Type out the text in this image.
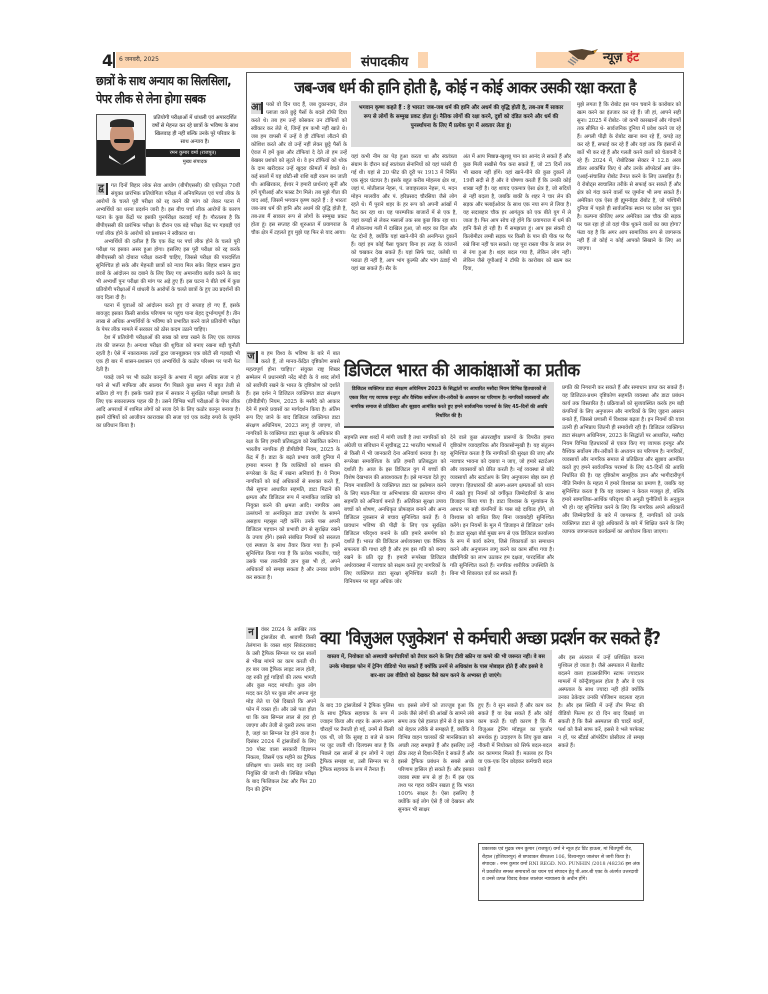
4 6 जनवरी, 2025	संपादकीय	न्यूज़ हंट
छात्रों के साथ अन्याय का सिलसिला, पेपर लीक से लेना होगा सबक
प्रतियोगी परीक्षाओं में धांधली एवं अपारदर्शित वर्षों से मेहनत कर रहे छात्रों के भविष्य के साथ खिलवाड़ ही नहीं बल्कि उनके पूरे परिवार के साथ अन्याय है।
रमन कुमार वर्मा (राजपूत)
मुख्य संपादक
द्व	गत दिनों बिहार लोक सेवा आयोग (बीपीएससी) की एकीकृत 70वीं संयुक्त प्रारंभिक प्रतियोगिता परीक्षा में अनियमितता एवं पर्चा लीक के आरोपों के चलते पूरी परीक्षा को रद्द करने की मांग को लेकर पटना में अभ्यर्थियों का धरना प्रदर्शन जारी है। इस बीच पर्चा लीक आरोपों के कारण पटना के कुछ केंद्रों पर इसकी पुनर्परीक्षा करवाई गई है। गौरतलब है कि बीपीएससी की प्रारंभिक परीक्षा के दौरान एक बड़े परीक्षा केंद्र पर गड़बड़ी एवं पर्चा लीक होने के आरोपों को प्रशासन ने स्वीकारा था।

अभ्यर्थियों की दलील है कि एक केंद्र पर पर्चा लीक होने के चलते पूरी परीक्षा पर इसका असर हुआ होगा। इसलिए इस पूरी परीक्षा को रद्द करके बीपीएससी को दोबारा परीक्षा करानी चाहिए, जिससे परीक्षा की पारदर्शिता सुनिश्चित हो सके और मेहनती छात्रों को न्याय मिल सके। बिहार शासन द्वारा छात्रों के आंदोलन का दबाने के लिए किए गए अमानवीय बर्ताव करने के बाद भी अभ्यर्थी पुनः परीक्षा की मांग पर अड़े हुए हैं। इस घटना ने बीते वर्ष में कुछ प्रतियोगी परीक्षाओं में धांधली के आरोपों के चलते छात्रों के हुए उग्र प्रदर्शनों की याद दिला दी है।

पटना में युवाओं को आंदोलन करते हुए दो सप्ताह हो गए हैं, इसके बावजूद इसका किसी सार्थक परिणाम पर पहुंच पाना बेहद दुर्भाग्यपूर्ण है। तीन लाख से अधिक अभ्यर्थियों के भविष्य को प्रभावित करने वाले प्रतियोगी परीक्षा के पेपर लीक मामले में सरकार को ठोस कदम उठाने चाहिए।

देश में प्रतियोगी परीक्षाओं की साख को बचा रखने के लिए एक व्यापक तंत्र की जरूरत है। अन्यथा परीक्षा की शुचिता को बनाए रखना बड़ी चुनौती रहती है। ऐसे में नकारात्मक तत्वों द्वारा जानबूझकर एक छोटी सी गड़बड़ी भी एक ही बार में शासन-प्रशासन एवं अभ्यर्थियों के कठोर परिश्रम पर पानी फेर देती है।

पकड़े जाने पर भी कठोर कानूनों के अभाव में बहुत अधिक सजा न हो पाने से भर्ती माफिया और साल्वर गैंग पिछले कुछ समय में बहुत तेजी से सक्रिय हो गए हैं। इसके चलते हाल में सरकार ने सुरक्षित परीक्षा प्रणाली के लिए एक सकारात्मक पहल की है। उसने विभिन्न भर्ती परीक्षाओं के पेपर लीक आदि अपराधों में शामिल लोगों को सजा देने के लिए कठोर कानून बनाया है। इसमें दोषियों को आजीवन कारावास की सजा एवं एक करोड़ रुपये के जुर्माने का प्रविधान किया है।

जब-जब धर्म की हानि होती है, कोई न कोई आकर उसकी रक्षा करता है
आ पको वो दिन याद हैं, जब दुकानदार, टोल प्लाजा वाले छुट्टे पैसों के बदले टॉफी दिया करते थे। तब हम उन्हें कोसकर उन टॉफियों को स्वीकार कर लेते थे, जिन्हें हम कभी नहीं खाते थे। जब हम वापसी में उन्हें वे ही टॉफियां लौटाने की कोशिश करते और वो उन्हें नहीं लेकर छुट्टे पैसों के ऐवज में हमें कुछ और टॉफियां दे देते तो हम उन्हें बेखबर प्रशंको को लूटते थे। वे इन टॉफियों को थोक के दाम खरीदकर उन्हें खुदरा कीमतों में बेचते थे। कई सालों में यह छोटी-सी राशि बड़ी रकम बन जाती थी। आखिरकार, ईश्वर ने हमारी प्रार्थनाएं सुनीं और हमें यूपीआई और फास्ट टैग मिले। तब मुझे गीता की याद आई, जिसमें भगवान कृष्ण कहते हैं : हे भारत! जब-जब धर्म की हानि और अधर्म की वृद्धि होती है, तब-तब मैं साकार रूप से लोगों के सम्मुख प्रकट होता हूं। इस सप्ताह की शुरुआत में प्रयागराज के चौक क्षेत्र में टहलते हुए मुझे यह फिर से याद आया।
भगवान कृष्ण कहते हैं : हे भारत! जब-जब धर्म की हानि और अधर्म की वृद्धि होती है, तब-तब मैं साकार रूप से लोगों के सम्मुख प्रकट होता हूं। नैतिक लोगों की रक्षा करने, दुष्टों को दंडित करने और धर्म की पुनर्स्थापना के लिए मैं प्रत्येक युग में अवतार लेता हूं।
यहां कभी नीम का पेड़ हुआ करता था और स्वतंत्रता संग्राम के दौरान कई स्वतंत्रता सेनानियों को यहां फांसी दी गई थी। यहां से 20 फीट की दूरी पर 1913 में निर्मित एक सुंदर घंटाघर है। इसके बहुत करीब मोहल्ला क्षेत्र था, जहां पं. मोतीलाल नेहरू, पं. जवाहरलाल नेहरू, पं. मदन मोहन मालवीय और पं. हरिप्रसाद चौरसिया जैसे लोग रहते थे। मैं पुराने शहर के हर रूप को अपनी आंखों में कैद कर रहा था। यह पारम्परिक बाजारों में से एक है, जहां कपड़ों से लेकर मसालों तक सब कुछ बिक रहा था। मैं लोकनाथ गली में दाखिल हुआ, जो शहर का दिल और पेट दोनों है, क्योंकि यहां खाने-पीने की अनगिनत दुकानें हैं। यहां हम कोई पैसा चुकाए बिना हर तरह के व्यंजनों को चखकर देख सकते हैं। यहां सिर्फ चाट, जलेबी या पराठा ही नहीं है, आप भांग कुल्फी और भांग ठंडाई भी यहां खा सकते हैं। सैर के
अंत में आप मिष्ठान्न-खुशबू पान का आनंद ले सकते हैं और कुछ मिली सखीसे पैक करा सकते हैं, जो 25 दिनों तक भी खराब नहीं होंगे। यहां खाने-पीने की कुछ दुकानें तो 19वीं सदी से हैं और वे घोषणा करती हैं कि उनकी कोई शाखा नहीं है। यह शायद एकमात्र ऐसा क्षेत्र है, जो सदियों से नहीं बदला है, जबकि बाकी के शहर ने चार लेन की सड़क और फ्लाईओवर के साथ एक नया रूप ले लिया है। यह सदाबहार चौक हर आगंतुक को एक बीते युग में ले जाता है। फिर आप सोच रहे होंगे कि प्रयागराज में धर्म की हानि कैसे हो रही है। मैं समझाता हूं। आप इस संकरी दो किलोमीटर लम्बी सड़क पर किसी के पान की पीक पर पैर रखे बिना नहीं चल सकते। यह पूरा रास्ता पीक के लाल रंग से रंगा हुआ है। शहर बदल गया है, लेकिन लोग नहीं। लेकिन जैसे यूपीआई ने टॉफी के कारोबार को खत्म कर दिया,
मुझे लगता है कि रोबोट इस पान चबाने के कारोबार को खत्म करने का इंतजार कर रहे हैं। जी हां, आपने सही सुना। 2025 में रोबोट- जो कभी कारखानों और गोदामों तक सीमित थे- सार्वजनिक दुनिया में प्रवेश करने जा रहे हैं। अगली पीढ़ी के रोबोट खाना बना रहे हैं, कपड़े तह कर रहे हैं, सफाई कर रहे हैं और यहां तक कि इंसानों से बातें भी कर रहे हैं और गलती करने वालों को चेतावनी दे रहे हैं। 2024 में, रोबोटिक्स सेक्टर ने 12.8 अरब डॉलर आकर्षित किए थे और उनके ऑपरेटर्स अब जेन-एआई-संचालित रोबोट तैनात करने के लिए उत्साहित हैं। ये रोबोट्स स्वचालित तरीके से सफाई कर सकते हैं और क्षेत्र को गंदा करने वालों पर जुर्माना भी लगा सकते हैं। अमेरिका एक ऐसा ही ह्यूमनॉइड रोबोट है, जो पश्चिमी दुनिया में पहले ही सार्वजनिक स्थान पर प्रवेश कर चुका है। कल्पना कीजिए अगर अमेरिका उस चौक की सड़क पर चल रहा हो तो वहां पीक थूकने वालों का क्या होगा? फंडा यह है कि अगर आप सामाजिक रूप से जागरूक नहीं हैं तो कोई न कोई आपको सिखाने के लिए आ जाएगा।
ज	ब हम विश्व के भविष्य के बारे में बात करते हैं, तो मानव-केंद्रित दृष्टिकोण सबसे महत्वपूर्ण होना चाहिए।' संयुक्त राष्ट्र शिखर सम्मेलन में प्रधानमंत्री नरेंद्र मोदी के ये शब्द लोगों को सर्वोपरि रखने के भारत के दृष्टिकोण को दर्शाते हैं। इस दर्शन ने डिजिटल व्यक्तिगत डाटा संरक्षण (डीपीडीपी) नियम, 2025 के मसौदे को आकार देने में हमारे प्रयासों का मार्गदर्शन किया है। अंतिम रूप दिए जाने के बाद डिजिटल व्यक्तिगत डाटा संरक्षण अधिनियम, 2023 लागू हो जाएगा, जो नागरिकों के व्यक्तिगत डाटा सुरक्षा के अधिकार की रक्षा के लिए हमारी प्रतिबद्धता को रेखांकित करेगा। भारतीय नागरिक ही डीपीडीपी नियम, 2025 के केंद्र में हैं। डाटा के बढ़ते प्रभाव वाली दुनिया में हमारा मानना है कि व्यक्तियों को शासन की रूपरेखा के केंद्र में रखना अनिवार्य है। ये नियम नागरिकों को कई अधिकारों से सशक्त करते हैं, जैसे सूचना आधारित सहमति, डाटा मिटाने की क्षमता और डिजिटल रूप में नामांकित व्यक्ति को नियुक्त करने की क्षमता आदि। नागरिक अब उल्लंघनों या अनधिकृत डाटा उपयोग के सामने असहाय महसूस नहीं करेंगे। उनके पास अपनी डिजिटल पहचान को प्रभावी ढंग से सुरक्षित रखने के उपाय होंगे। इससे संबंधित नियमों को सरलता एवं स्पष्टता के साथ तैयार किया गया है। इनमें सुनिश्चित किया गया है कि प्रत्येक भारतीय, चाहे उसके पास तकनीकी ज्ञान कुछ भी हो, अपने अधिकारों को समझ सकता है और उनका प्रयोग कर सकता है।
डिजिटल भारत की आकांक्षाओं का प्रतीक
डिजिटल व्यक्तिगत डाटा संरक्षण अधिनियम 2023 के सिद्धांतों पर आधारित मसौदा नियम विभिन्न हितधारकों से एकत्र किए गए व्यापक इनपुट और वैश्विक सर्वोत्तम तौर-तरीकों के अध्ययन का परिणाम है। नागरिकों व्यवसायों और नागरिक समाज से प्रतिक्रिया और सुझाव आमंत्रित करते हुए हमने सार्वजनिक परामर्श के लिए 45-दिनों की अवधि निर्धारित की है।
सहमति स्पष्ट शब्दों में मांगी जाती है तथा नागरिकों को अंग्रेजी या संविधान में सूचीबद्ध 22 भारतीय भाषाओं में से किसी में भी जानकारी देना अनिवार्य बनाया है। यह रूपरेखा समावेशिता के प्रति हमारी प्रतिबद्धता को दर्शाती है। आज के इस डिजिटल युग में बच्चों की विशेष देखभाल की आवश्यकता है। इसे मान्यता देते हुए नियम नाबालिगों के व्यक्तिगत डाटा का इस्तेमाल करने के लिए माता-पिता या अभिभावक की सत्यापन योग्य सहमति को अनिवार्य बनाते हैं। अतिरिक्त सुरक्षा उपाय बच्चों को शोषण, अनधिकृत प्रोफाइल बनाने और अन्य डिजिटल नुकसान से बचाव सुनिश्चित करते हैं। ये प्रावधान भविष्य की पीढ़ी के लिए एक सुरक्षित डिजिटल परिदृश्य बनाने के प्रति हमारे समर्पण को दर्शाते हैं। भारत की डिजिटल अर्थव्यवस्था एक वैश्विक सफलता की गाथा रही है और हम इस गति को बनाए रखने के प्रति दृढ़ हैं। हमारी रूपरेखा डिजिटल अर्थव्यवस्था में नवाचार को सक्षम करते हुए नागरिकों के लिए व्यक्तिगत डाटा सुरक्षा सुनिश्चित करती है। विनियमन पर बहुत अधिक जोर
देने वाले कुछ अंतरराष्ट्रीय प्रारूपों के विपरीत हमारा दृष्टिकोण व्यावहारिक और विकासोन्मुखी है। यह संतुलन सुनिश्चित करता है कि नागरिकों की सुरक्षा की जाए और नवाचार भावना को दबाया न जाए, जो हमारे स्टार्टअप और व्यवसायों को प्रेरित करती है। नई व्यवस्था से छोटे व्यवसायों और स्टार्टअप के लिए अनुपालन बोझ कम हो जाएगा। हितधारकों की अलग-अलग क्षमताओं को ध्यान में रखते हुए नियमों को वर्गीकृत जिम्मेदारियों के साथ डिजाइन किया गया है। डाटा विश्वास के मूल्यांकन के आधार पर बड़ी कंपनियों के पास बड़े दायित्व होंगे, जो विश्वास को बाधित किए बिना जवाबदेही सुनिश्चित करेंगे। इन नियमों के मूल में 'डिजाइन से डिजिटल' दर्शन है। डाटा सुरक्षा बोर्ड मुख्य रूप से एक डिजिटल कार्यालय के रूप में कार्य करेगा, जिसे शिकायतों का समाधान करने और अनुपालन लागू करने का काम सौंपा गया है। प्रौद्योगिकी का लाभ उठाकर हम दक्षता, पारदर्शिता और गति सुनिश्चित करते हैं। नागरिक शारीरिक उपस्थिति के बिना भी शिकायत दर्ज कर सकते हैं।
प्रगति की निगरानी कर सकते हैं और समाधान प्राप्त कर सकते हैं। यह डिजिटल-प्रथम दृष्टिकोण सहमति व्यवस्था और डाटा प्रबंधन कार्य तक विस्तारित है। प्रक्रियाओं को सुव्यवस्थित करके हम बड़ी कंपनियों के लिए अनुपालन और नागरिकों के लिए जुड़ना आसान बनाते हैं, जिससे प्रणाली में विश्वास बढ़ता है। इन नियमों की यात्रा उतनी ही अभिप्राय जितनी ही समावेशी रही है। डिजिटल व्यक्तिगत डाटा संरक्षण अधिनियम, 2023 के सिद्धांतों पर आधारित, मसौदा नियम विभिन्न हितधारकों से एकत्र किए गए व्यापक इनपुट और वैश्विक सर्वोत्तम तौर-तरीकों के अध्ययन का परिणाम है। नागरिकों, व्यवसायों और नागरिक समाज से प्रतिक्रिया और सुझाव आमंत्रित करते हुए हमने सार्वजनिक परामर्श के लिए 45-दिनों की अवधि निर्धारित की है। यह दृष्टिकोण सामूहिक ज्ञान और भागीदारीपूर्ण नीति निर्माण के महत्व में हमारे विश्वास का प्रमाण है, जबकि यह सुनिश्चित करता है कि यह व्यवस्था न केवल मजबूत हो, बल्कि हमारे सामाजिक-आर्थिक परिदृश्य की अनूठी चुनौतियों के अनुकूल भी हो। यह सुनिश्चित करने के लिए कि नागरिक अपने अधिकारों और जिम्मेदारियों के बारे में जागरूक हैं, नागरिकों को उनके व्यक्तिगत डाटा से जुड़े अधिकारों के बारे में शिक्षित करने के लिए व्यापक जागरूकता कार्यक्रमों का आयोजन किया जाएगा।
न	वंबर 2024 के आखिर तक ट्रांसजेंडर बी. श्रावणी किसी तेलंगाना के व्यस्त शहर सिकंदराबाद के उसी ट्रैफिक सिग्नल पर दस सालों से भीख मांगने का काम करती थीं। हर बार जब ट्रैफिक लाइट लाल होती, वह रुकी हुई गाड़ियों की तरफ भागती और कुछ मदद मांगती। कुछ लोग मदद कर देते पर कुछ लोग अपना मुंह मोड़ लेते या ऐसे दिखाते कि अपने फोन में व्यस्त हों। और उसे पता होता था कि कब सिग्नल लाल से हरा हो जाएगा और तेजी से दूसरी तरफ जाना है, जहां का सिग्नल रेड होने वाला है। दिसंबर 2024 में ट्रांसजेंडरों के लिए 50 पोस्ट वाला सरकारी विज्ञापन निकला, जिसमें एक महीने का ट्रैफिक प्रशिक्षण था। उसके बाद वह उनकी नियुक्ति की जानी थी। लिखित परीक्षा के बाद फिजिकल टेस्ट और फिर 20 दिन की ट्रेनिंग
क्या 'विज़ुअल एजुकेशन' से कर्मचारी अच्छा प्रदर्शन कर सकते हैं?
वास्तव में, नियोक्ता को अस्थायी कर्मचारियों को तैयार करने के लिए टीवी स्क्रीन या कमरे की भी जरूरत नहीं। वे बस उनके मोबाइल फोन में ट्रेनिंग वीडियो भेज सकते हैं क्योंकि उनमें से अधिकांश के पास मोबाइल होते हैं और इससे वे बार-बार उस वीडियो को देखकर वैसे काम करने के अभ्यस्त हो जाएंगे।
के बाद 39 ट्रांसजेंडर्स ने ट्रैफिक पुलिस के साथ ट्रैफिक सहायक के रूप में ज्वाइन किया और शहर के अलग-अलग चौराहों पर तैनाती हो गई, उनमें से किसी एक थीं, जो कि सुबह 8 बजे से काम पर जुट जाती थीं। दिलचस्प बात है कि पिछले दस सालों से इन लोगों ने जहां ट्रैफिक समझा था, उसी सिग्नल पर वे ट्रैफिक सहायक के रूप में तैनात हैं।
था। इससे लोगों को ताज्जुब हुआ कि उनके जैसे लोगों की आंखों के सामने लंबे समय तक ऐसे हालात होने से वे इस काम को बेहतर तरीके से समझते हैं, क्योंकि वे विभिन्न वाहन चालकों की मानसिकता को अच्छी तरह समझते हैं और इसलिए उन्हें ठीक तरह से दिशा-निर्देश दे सकते हैं और इससे ट्रैफिक प्रबंधन के सबसे अच्छे परिणाम हासिल हो सकते हैं। और इसका जवाब स्पष्ट रूप से हां है। मैं इस एक तथ्य पर गहरा यकीन रखता हूं कि भारत 100% साक्षर है। ऐसा इसलिए है क्योंकि कई लोग ऐसे हैं जो देखकर और सुनकर भी साक्षर
हुए हैं। वे सुन सकते हैं और काम कर सकते हैं या देख सकते हैं और कोई काम करते हैं। यही कारण है कि मैं विज़ुअल ट्रेनिंग मॉड्यूल का पुरजोर समर्थक हूं। उदाहरण के लिए कुछ खास नौकरी में नियोक्ता को सिर्फ बदल-बदल कर कामगार मिलते हैं। मतलब हर दिन या एक-एक दिन छोड़कर कर्मचारी बदल जाते हैं
और इस अंतराल में उन्हें प्रशिक्षित करना मुश्किल हो जाता है। जैसे अस्पताल में बेडशीट बदलने वाला हाउसकीपिंग स्टाफ ज्यादातर मामलों में कॉन्ट्रैक्चुअल होता है और वे एक अस्पताल के साथ ज्यादा नहीं होते क्योंकि उनका ठेकेदार उनकी पोजिशन बदलता रहता है। और इस स्थिति में उन्हें तीन मिनट की वीडियो फिल्म हर दो दिन बाद दिखाई जा सकती है कि कैसे अस्पताल की चादरें बदलें, फर्श को कैसे साफ करें, इससे वे भले परफेक्ट न हों, पर स्टैंडर्ड ऑपरेटिंग प्रोसीजर तो समझ सकते हैं।
प्रकाशक एवं मुद्रक रमन कुमार (राजपूत) वर्मा ने न्यूज हंट प्रिंट हाऊस, मां चिंतपूर्णी रोड, रौहाल (होशियारपुर) से छपवाकर बीपतला 106, विश्वनपुरा जालंधर से जारी किया है। संपादक : रमन कुमार वर्मा RNI REGD. NO. PUNHIN /2018 /48236 इस अंक में प्रकाशित समस्त समाचारों का चयन एवं संपादन हेतु पी.आर.बी एक्ट के अंतर्गत उत्तरदायी व उनसे उत्पन्न विवाद केवल जालंधर न्यायालय के अधीन होंगे।
